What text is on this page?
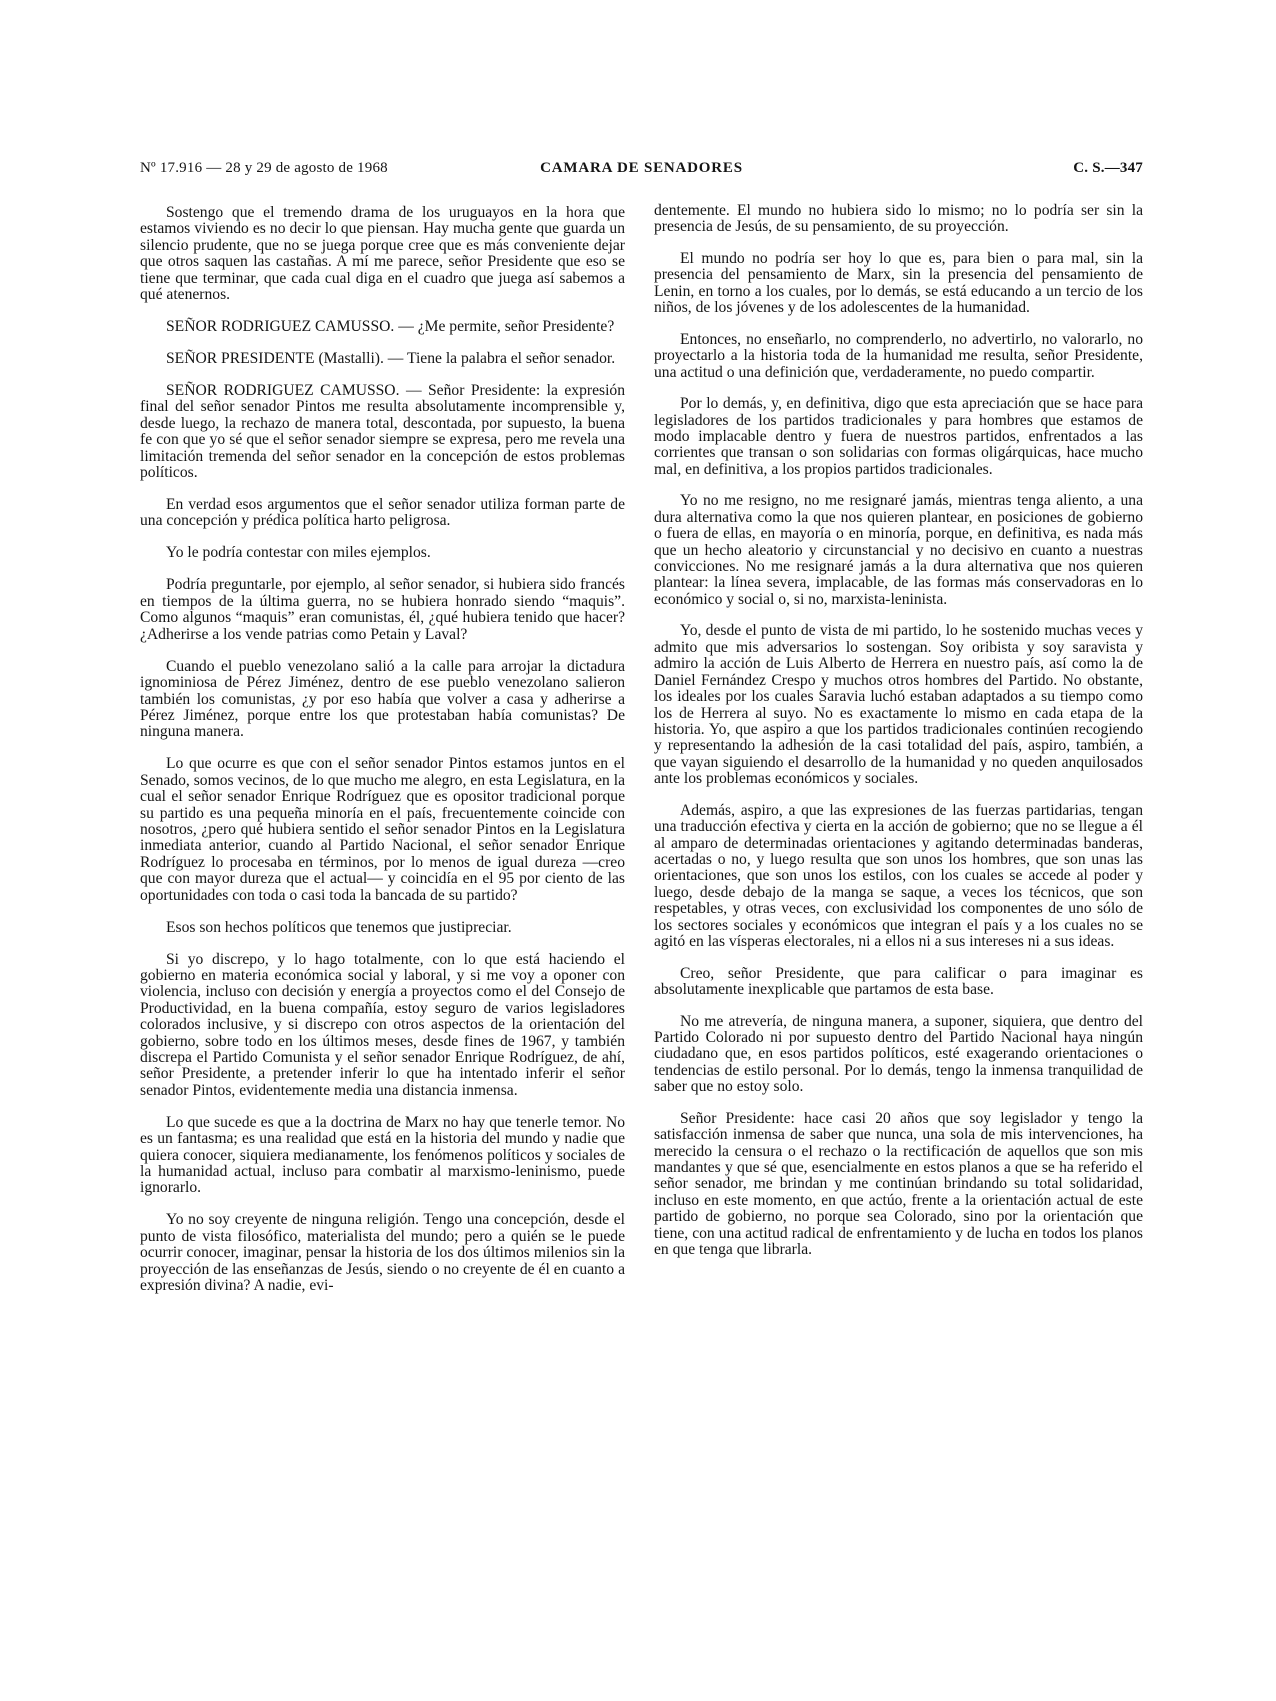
Nº 17.916 — 28 y 29 de agosto de 1968	CAMARA DE SENADORES	C. S.—347

Sostengo que el tremendo drama de los uruguayos en la hora que estamos viviendo es no decir lo que piensan. Hay mucha gente que guarda un silencio prudente, que no se juega porque cree que es más conveniente dejar que otros saquen las castañas. A mí me parece, señor Presidente que eso se tiene que terminar, que cada cual diga en el cuadro que juega así sabemos a qué atenernos.

SEÑOR RODRIGUEZ CAMUSSO. — ¿Me permite, señor Presidente?

SEÑOR PRESIDENTE (Mastalli). — Tiene la palabra el señor senador.

SEÑOR RODRIGUEZ CAMUSSO. — Señor Presidente: la expresión final del señor senador Pintos me resulta absolutamente incomprensible y, desde luego, la rechazo de manera total, descontada, por supuesto, la buena fe con que yo sé que el señor senador siempre se expresa, pero me revela una limitación tremenda del señor senador en la concepción de estos problemas políticos.

En verdad esos argumentos que el señor senador utiliza forman parte de una concepción y prédica política harto peligrosa.

Yo le podría contestar con miles ejemplos.

Podría preguntarle, por ejemplo, al señor senador, si hubiera sido francés en tiempos de la última guerra, no se hubiera honrado siendo “maquis”. Como algunos “maquis” eran comunistas, él, ¿qué hubiera tenido que hacer? ¿Adherirse a los vende patrias como Petain y Laval?

Cuando el pueblo venezolano salió a la calle para arrojar la dictadura ignominiosa de Pérez Jiménez, dentro de ese pueblo venezolano salieron también los comunistas, ¿y por eso había que volver a casa y adherirse a Pérez Jiménez, porque entre los que protestaban había comunistas? De ninguna manera.

Lo que ocurre es que con el señor senador Pintos estamos juntos en el Senado, somos vecinos, de lo que mucho me alegro, en esta Legislatura, en la cual el señor senador Enrique Rodríguez que es opositor tradicional porque su partido es una pequeña minoría en el país, frecuentemente coincide con nosotros, ¿pero qué hubiera sentido el señor senador Pintos en la Legislatura inmediata anterior, cuando al Partido Nacional, el señor senador Enrique Rodríguez lo procesaba en términos, por lo menos de igual dureza —creo que con mayor dureza que el actual— y coincidía en el 95 por ciento de las oportunidades con toda o casi toda la bancada de su partido?

Esos son hechos políticos que tenemos que justipreciar.

Si yo discrepo, y lo hago totalmente, con lo que está haciendo el gobierno en materia económica social y laboral, y si me voy a oponer con violencia, incluso con decisión y energía a proyectos como el del Consejo de Productividad, en la buena compañía, estoy seguro de varios legisladores colorados inclusive, y si discrepo con otros aspectos de la orientación del gobierno, sobre todo en los últimos meses, desde fines de 1967, y también discrepa el Partido Comunista y el señor senador Enrique Rodríguez, de ahí, señor Presidente, a pretender inferir lo que ha intentado inferir el señor senador Pintos, evidentemente media una distancia inmensa.

Lo que sucede es que a la doctrina de Marx no hay que tenerle temor. No es un fantasma; es una realidad que está en la historia del mundo y nadie que quiera conocer, siquiera medianamente, los fenómenos políticos y sociales de la humanidad actual, incluso para combatir al marxismo-leninismo, puede ignorarlo.

Yo no soy creyente de ninguna religión. Tengo una concepción, desde el punto de vista filosófico, materialista del mundo; pero a quién se le puede ocurrir conocer, imaginar, pensar la historia de los dos últimos milenios sin la proyección de las enseñanzas de Jesús, siendo o no creyente de él en cuanto a expresión divina? A nadie, evi-

dentemente. El mundo no hubiera sido lo mismo; no lo podría ser sin la presencia de Jesús, de su pensamiento, de su proyección.

El mundo no podría ser hoy lo que es, para bien o para mal, sin la presencia del pensamiento de Marx, sin la presencia del pensamiento de Lenin, en torno a los cuales, por lo demás, se está educando a un tercio de los niños, de los jóvenes y de los adolescentes de la humanidad.

Entonces, no enseñarlo, no comprenderlo, no advertirlo, no valorarlo, no proyectarlo a la historia toda de la humanidad me resulta, señor Presidente, una actitud o una definición que, verdaderamente, no puedo compartir.

Por lo demás, y, en definitiva, digo que esta apreciación que se hace para legisladores de los partidos tradicionales y para hombres que estamos de modo implacable dentro y fuera de nuestros partidos, enfrentados a las corrientes que transan o son solidarias con formas oligárquicas, hace mucho mal, en definitiva, a los propios partidos tradicionales.

Yo no me resigno, no me resignaré jamás, mientras tenga aliento, a una dura alternativa como la que nos quieren plantear, en posiciones de gobierno o fuera de ellas, en mayoría o en minoría, porque, en definitiva, es nada más que un hecho aleatorio y circunstancial y no decisivo en cuanto a nuestras convicciones. No me resignaré jamás a la dura alternativa que nos quieren plantear: la línea severa, implacable, de las formas más conservadoras en lo económico y social o, si no, marxista-leninista.

Yo, desde el punto de vista de mi partido, lo he sostenido muchas veces y admito que mis adversarios lo sostengan. Soy oribista y soy saravista y admiro la acción de Luis Alberto de Herrera en nuestro país, así como la de Daniel Fernández Crespo y muchos otros hombres del Partido. No obstante, los ideales por los cuales Saravia luchó estaban adaptados a su tiempo como los de Herrera al suyo. No es exactamente lo mismo en cada etapa de la historia. Yo, que aspiro a que los partidos tradicionales continúen recogiendo y representando la adhesión de la casi totalidad del país, aspiro, también, a que vayan siguiendo el desarrollo de la humanidad y no queden anquilosados ante los problemas económicos y sociales.

Además, aspiro, a que las expresiones de las fuerzas partidarias, tengan una traducción efectiva y cierta en la acción de gobierno; que no se llegue a él al amparo de determinadas orientaciones y agitando determinadas banderas, acertadas o no, y luego resulta que son unos los hombres, que son unas las orientaciones, que son unos los estilos, con los cuales se accede al poder y luego, desde debajo de la manga se saque, a veces los técnicos, que son respetables, y otras veces, con exclusividad los componentes de uno sólo de los sectores sociales y económicos que integran el país y a los cuales no se agitó en las vísperas electorales, ni a ellos ni a sus intereses ni a sus ideas.

Creo, señor Presidente, que para calificar o para imaginar es absolutamente inexplicable que partamos de esta base.

No me atrevería, de ninguna manera, a suponer, siquiera, que dentro del Partido Colorado ni por supuesto dentro del Partido Nacional haya ningún ciudadano que, en esos partidos políticos, esté exagerando orientaciones o tendencias de estilo personal. Por lo demás, tengo la inmensa tranquilidad de saber que no estoy solo.

Señor Presidente: hace casi 20 años que soy legislador y tengo la satisfacción inmensa de saber que nunca, una sola de mis intervenciones, ha merecido la censura o el rechazo o la rectificación de aquellos que son mis mandantes y que sé que, esencialmente en estos planos a que se ha referido el señor senador, me brindan y me continúan brindando su total solidaridad, incluso en este momento, en que actúo, frente a la orientación actual de este partido de gobierno, no porque sea Colorado, sino por la orientación que tiene, con una actitud radical de enfrentamiento y de lucha en todos los planos en que tenga que librarla.
